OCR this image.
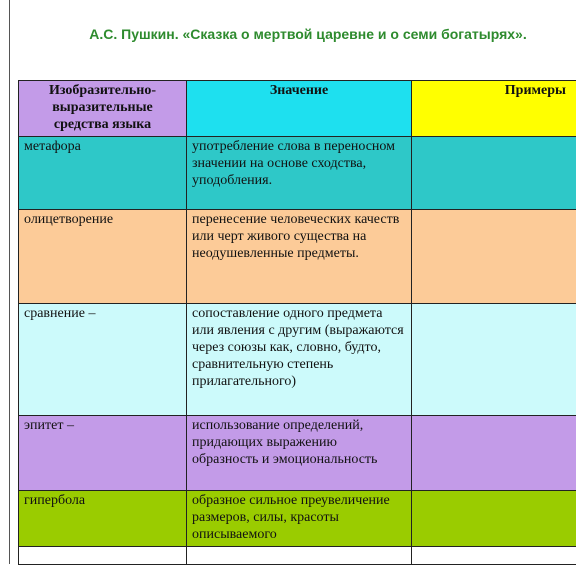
А.С. Пушкин. «Сказка о мертвой царевне и о семи богатырях».
Изобразительно-выразительные средства языка	Значение	Примеры

метафора	употребление слова в переносном значении на основе сходства, уподобления.	
олицетворение	перенесение человеческих качеств или черт живого существа на неодушевленные предметы.	
сравнение –	сопоставление одного предмета или явления с другим (выражаются через союзы как, словно, будто, сравнительную степень прилагательного)	
эпитет –	использование определений, придающих выражению образность и эмоциональность	
гипербола	образное сильное преувеличение размеров, силы, красоты описываемого	
